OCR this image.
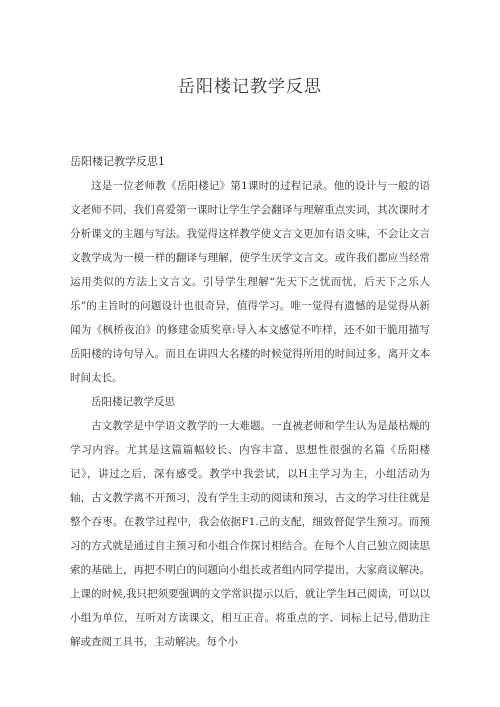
岳阳楼记教学反思

岳阳楼记教学反思1

这是一位老师教《岳阳楼记》第1课时的过程记录。他的设计与一般的语文老师不同，我们喜爱第一课时让学生学会翻译与理解重点实词，其次课时才分析课文的主题与写法。我觉得这样教学使文言文更加有语文味，不会让文言文教学成为一模一样的翻译与理解，使学生厌学文言文。或许我们都应当经常运用类似的方法上文言文。引导学生理解“先天下之忧而忧，后天下之乐人乐”的主旨时的问题设计也很奇异，值得学习。唯一觉得有遗憾的是觉得从新闻为《枫桥夜泊》的修建金质奖章:导入本文感觉不咋样，还不如干脆用描写岳阳楼的诗句导入。而且在讲四大名楼的时候觉得所用的时间过多，离开文本时间太长。

岳阳楼记教学反思

古文教学是中学语文教学的一大难题。一直被老师和学生认为是最枯燥的学习内容。尤其是这篇篇幅较长、内容丰富、思想性很强的名篇《岳阳楼记》，讲过之后，深有感受。教学中我尝试，以H主学习为主，小组活动为轴，古文教学离不开预习，没有学生主动的阅读和预习，古文的学习往往就是整个吞枣。在教学过程中，我会依据F1.己的支配，细致督促学生预习。而预习的方式就是通过自主预习和小组合作探讨相结合。在每个人自己独立阅读思索的基础上，再把不明白的问题向小组长或者组内同学提出，大家商议解决。上课的时候,我只把须要强调的文学常识提示以后，就让学生H己阅读，可以以小组为单位，互听对方读课文，相互正音。将重点的字、词标上记号,借助注解或查阅工具书，主动解决。每个小
